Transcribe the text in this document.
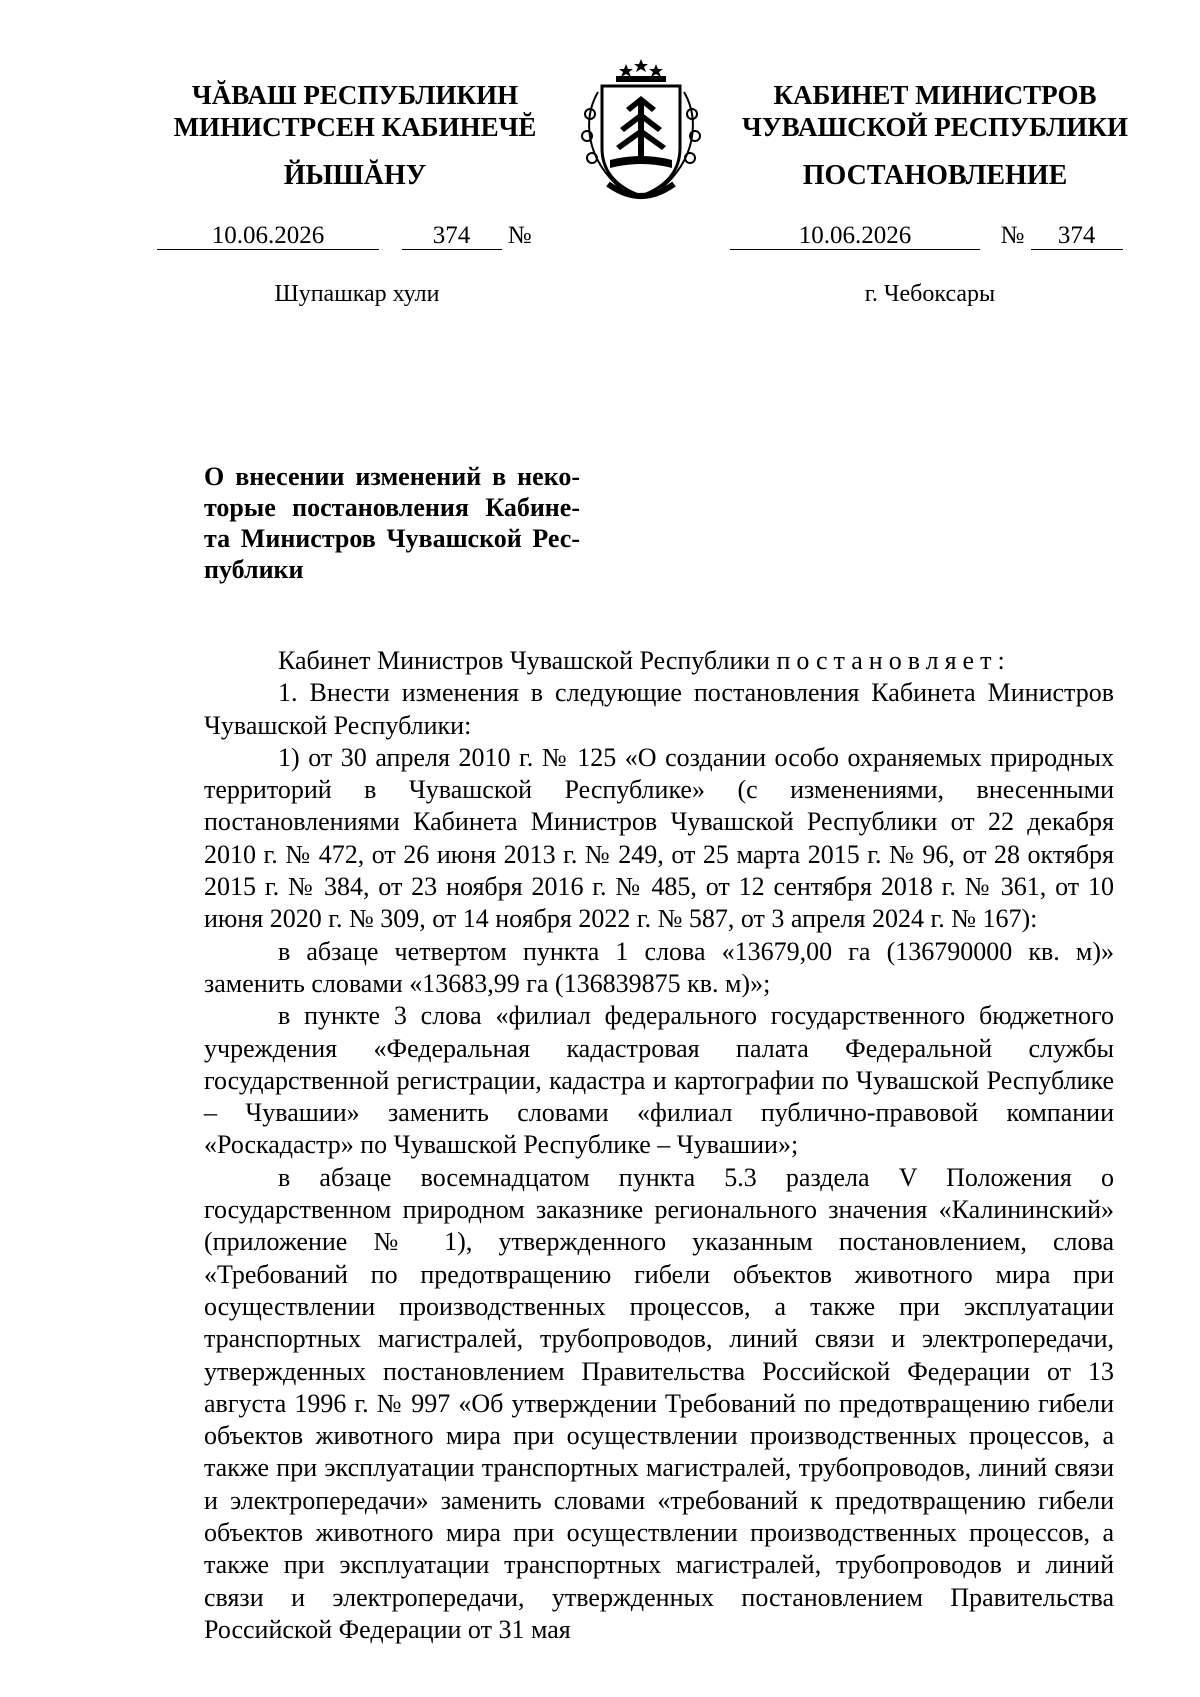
ЧĂВАШ РЕСПУБЛИКИН
МИНИСТРСЕН КАБИНЕЧĔ
ЙЫШĂНУ
КАБИНЕТ МИНИСТРОВ
ЧУВАШСКОЙ РЕСПУБЛИКИ
ПОСТАНОВЛЕНИЕ
10.06.2026	374 №	10.06.2026	№ 374
Шупашкар хули	г. Чебоксары
О внесении изменений в неко-
торые постановления Кабине-
та Министров Чувашской Рес-
публики

Кабинет Министров Чувашской Республики постановляет:

1. Внести изменения в следующие постановления Кабинета Министров Чувашской Республики:

1) от 30 апреля 2010 г. № 125 «О создании особо охраняемых природных территорий в Чувашской Республике» (с изменениями, внесенными постановлениями Кабинета Министров Чувашской Республики от 22 декабря 2010 г. № 472, от 26 июня 2013 г. № 249, от 25 марта 2015 г. № 96, от 28 октября 2015 г. № 384, от 23 ноября 2016 г. № 485, от 12 сентября 2018 г. № 361, от 10 июня 2020 г. № 309, от 14 ноября 2022 г. № 587, от 3 апреля 2024 г. № 167):

в абзаце четвертом пункта 1 слова «13679,00 га (136790000 кв. м)» заменить словами «13683,99 га (136839875 кв. м)»;

в пункте 3 слова «филиал федерального государственного бюджетного учреждения «Федеральная кадастровая палата Федеральной службы государственной регистрации, кадастра и картографии по Чувашской Республике – Чувашии» заменить словами «филиал публично-правовой компании «Роскадастр» по Чувашской Республике – Чувашии»;

в абзаце восемнадцатом пункта 5.3 раздела V Положения о государственном природном заказнике регионального значения «Калининский» (приложение № 1), утвержденного указанным постановлением, слова «Требований по предотвращению гибели объектов животного мира при осуществлении производственных процессов, а также при эксплуатации транспортных магистралей, трубопроводов, линий связи и электропередачи, утвержденных постановлением Правительства Российской Федерации от 13 августа 1996 г. № 997 «Об утверждении Требований по предотвращению гибели объектов животного мира при осуществлении производственных процессов, а также при эксплуатации транспортных магистралей, трубопроводов, линий связи и электропередачи» заменить словами «требований к предотвращению гибели объектов животного мира при осуществлении производственных процессов, а также при эксплуатации транспортных магистралей, трубопроводов и линий связи и электропередачи, утвержденных постановлением Правительства Российской Федерации от 31 мая
